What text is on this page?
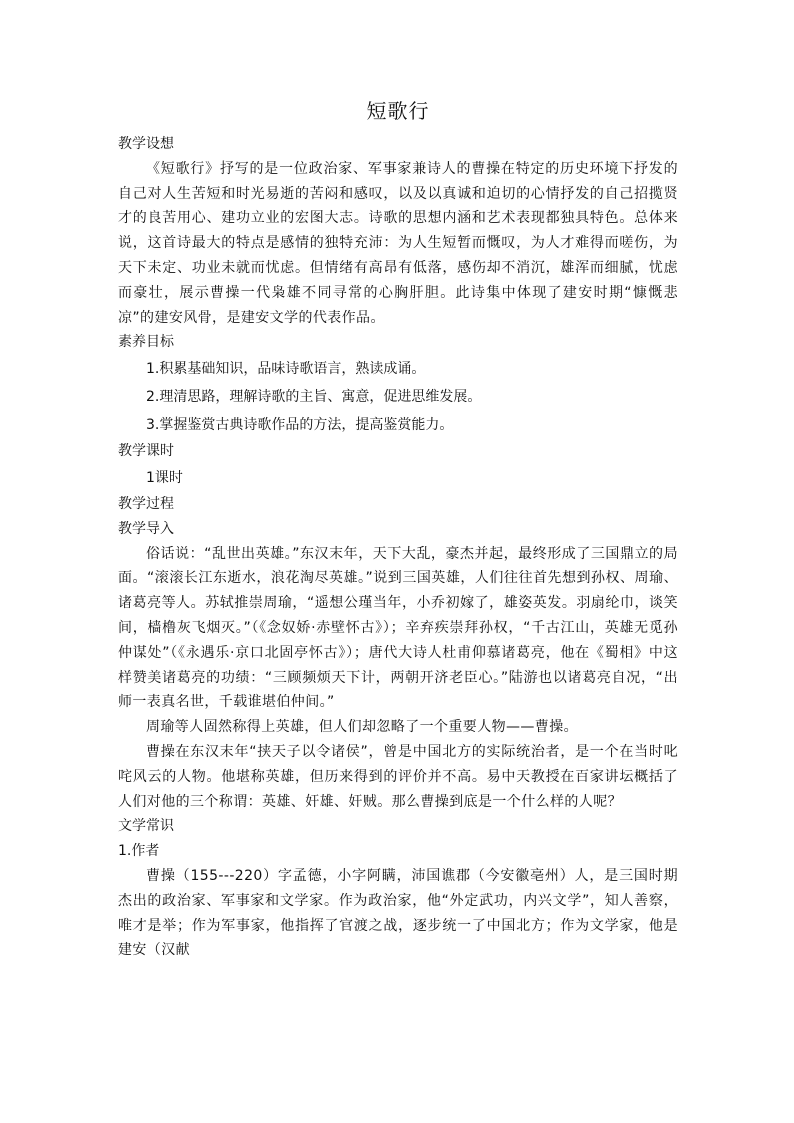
短歌行

教学设想

《短歌行》抒写的是一位政治家、军事家兼诗人的曹操在特定的历史环境下抒发的自己对人生苦短和时光易逝的苦闷和感叹，以及以真诚和迫切的心情抒发的自己招揽贤才的良苦用心、建功立业的宏图大志。诗歌的思想内涵和艺术表现都独具特色。总体来说，这首诗最大的特点是感情的独特充沛：为人生短暂而慨叹，为人才难得而嗟伤，为天下未定、功业未就而忧虑。但情绪有高昂有低落，感伤却不消沉，雄浑而细腻，忧虑而豪壮，展示曹操一代枭雄不同寻常的心胸肝胆。此诗集中体现了建安时期“慷慨悲凉”的建安风骨，是建安文学的代表作品。

素养目标

1.积累基础知识，品味诗歌语言，熟读成诵。

2.理清思路，理解诗歌的主旨、寓意，促进思维发展。

3.掌握鉴赏古典诗歌作品的方法，提高鉴赏能力。

教学课时

1课时

教学过程

教学导入

俗话说：“乱世出英雄。”东汉末年，天下大乱，豪杰并起，最终形成了三国鼎立的局面。“滚滚长江东逝水，浪花淘尽英雄。”说到三国英雄，人们往往首先想到孙权、周瑜、诸葛亮等人。苏轼推崇周瑜，“遥想公瑾当年，小乔初嫁了，雄姿英发。羽扇纶巾，谈笑间，樯橹灰飞烟灭。”（《念奴娇·赤壁怀古》）；辛弃疾崇拜孙权，“千古江山，英雄无觅孙仲谋处”（《永遇乐·京口北固亭怀古》）；唐代大诗人杜甫仰慕诸葛亮，他在《蜀相》中这样赞美诸葛亮的功绩：“三顾频烦天下计，两朝开济老臣心。”陆游也以诸葛亮自况，“出师一表真名世，千载谁堪伯仲间。”

周瑜等人固然称得上英雄，但人们却忽略了一个重要人物——曹操。

曹操在东汉末年“挟天子以令诸侯”，曾是中国北方的实际统治者，是一个在当时叱咤风云的人物。他堪称英雄，但历来得到的评价并不高。易中天教授在百家讲坛概括了人们对他的三个称谓：英雄、奸雄、奸贼。那么曹操到底是一个什么样的人呢？

文学常识

1.作者

曹操（155---220）字孟德，小字阿瞒，沛国谯郡（今安徽亳州）人，是三国时期杰出的政治家、军事家和文学家。作为政治家，他“外定武功，内兴文学”，知人善察，唯才是举；作为军事家，他指挥了官渡之战，逐步统一了中国北方；作为文学家，他是建安（汉献
